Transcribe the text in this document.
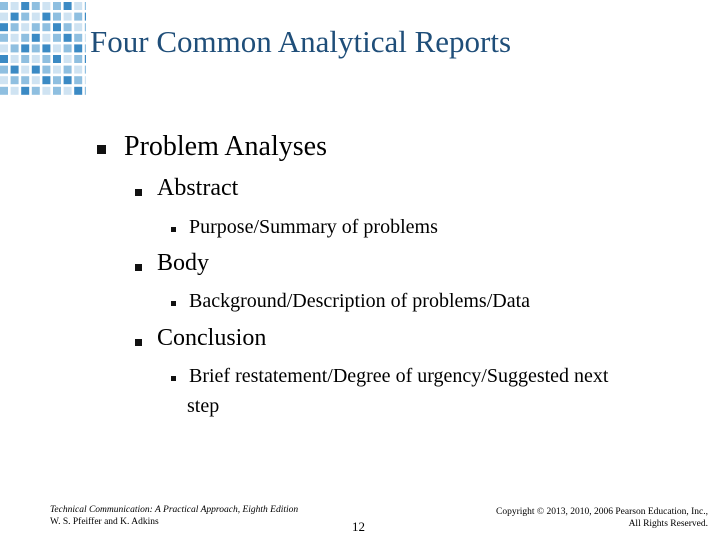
Four Common Analytical Reports
Problem Analyses
Abstract
Purpose/Summary of problems
Body
Background/Description of problems/Data
Conclusion
Brief restatement/Degree of urgency/Suggested next
step
Technical Communication: A Practical Approach, Eighth Edition
W. S. Pfeiffer and K. Adkins	12
Copyright © 2013, 2010, 2006 Pearson Education, Inc.,
All Rights Reserved.
